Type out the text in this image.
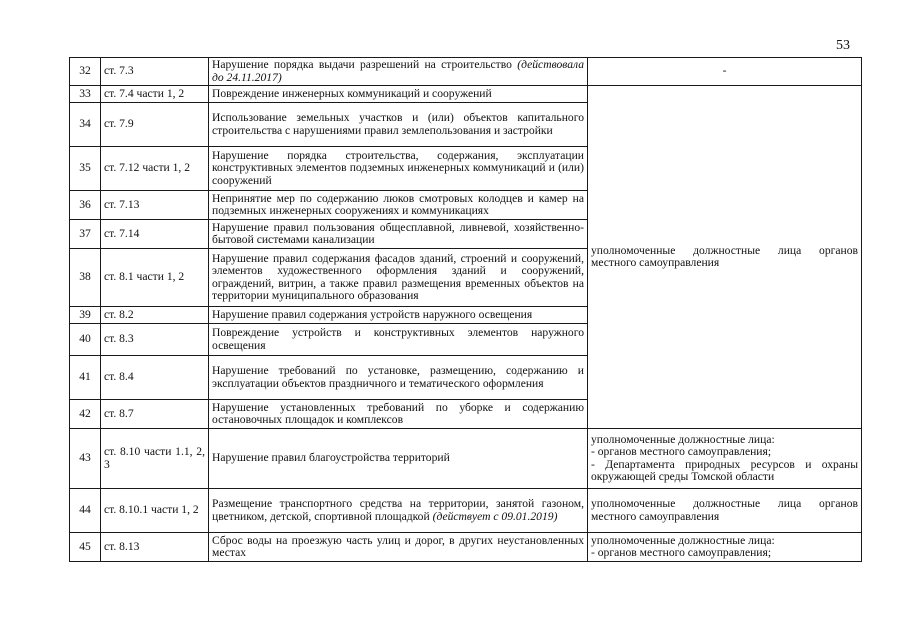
53
32	ст. 7.3	Нарушение порядка выдачи разрешений на строительство (действовала до 24.11.2017)	-
33	ст. 7.4 части 1, 2	Повреждение инженерных коммуникаций и сооружений	уполномоченные должностные лица органов местного самоуправления
34	ст. 7.9	Использование земельных участков и (или) объектов капитального строительства с нарушениями правил землепользования и застройки	
35	ст. 7.12 части 1, 2	Нарушение порядка строительства, содержания, эксплуатации конструктивных элементов подземных инженерных коммуникаций и (или) сооружений	
36	ст. 7.13	Непринятие мер по содержанию люков смотровых колодцев и камер на подземных инженерных сооружениях и коммуникациях	
37	ст. 7.14	Нарушение правил пользования общесплавной, ливневой, хозяйственно-бытовой системами канализации	
38	ст. 8.1 части 1, 2	Нарушение правил содержания фасадов зданий, строений и сооружений, элементов художественного оформления зданий и сооружений, ограждений, витрин, а также правил размещения временных объектов на территории муниципального образования	
39	ст. 8.2	Нарушение правил содержания устройств наружного освещения	
40	ст. 8.3	Повреждение устройств и конструктивных элементов наружного освещения	
41	ст. 8.4	Нарушение требований по установке, размещению, содержанию и эксплуатации объектов праздничного и тематического оформления	
42	ст. 8.7	Нарушение установленных требований по уборке и содержанию остановочных площадок и комплексов	
43	ст. 8.10 части 1.1, 2, 3	Нарушение правил благоустройства территорий	уполномоченные должностные лица:
- органов местного самоуправления;
- Департамента природных ресурсов и охраны окружающей среды Томской области

44	ст. 8.10.1 части 1, 2	Размещение транспортного средства на территории, занятой газоном, цветником, детской, спортивной площадкой (действует с 09.01.2019)	уполномоченные должностные лица органов местного самоуправления
45	ст. 8.13	Сброс воды на проезжую часть улиц и дорог, в других неустановленных местах	уполномоченные должностные лица:
- органов местного самоуправления;
